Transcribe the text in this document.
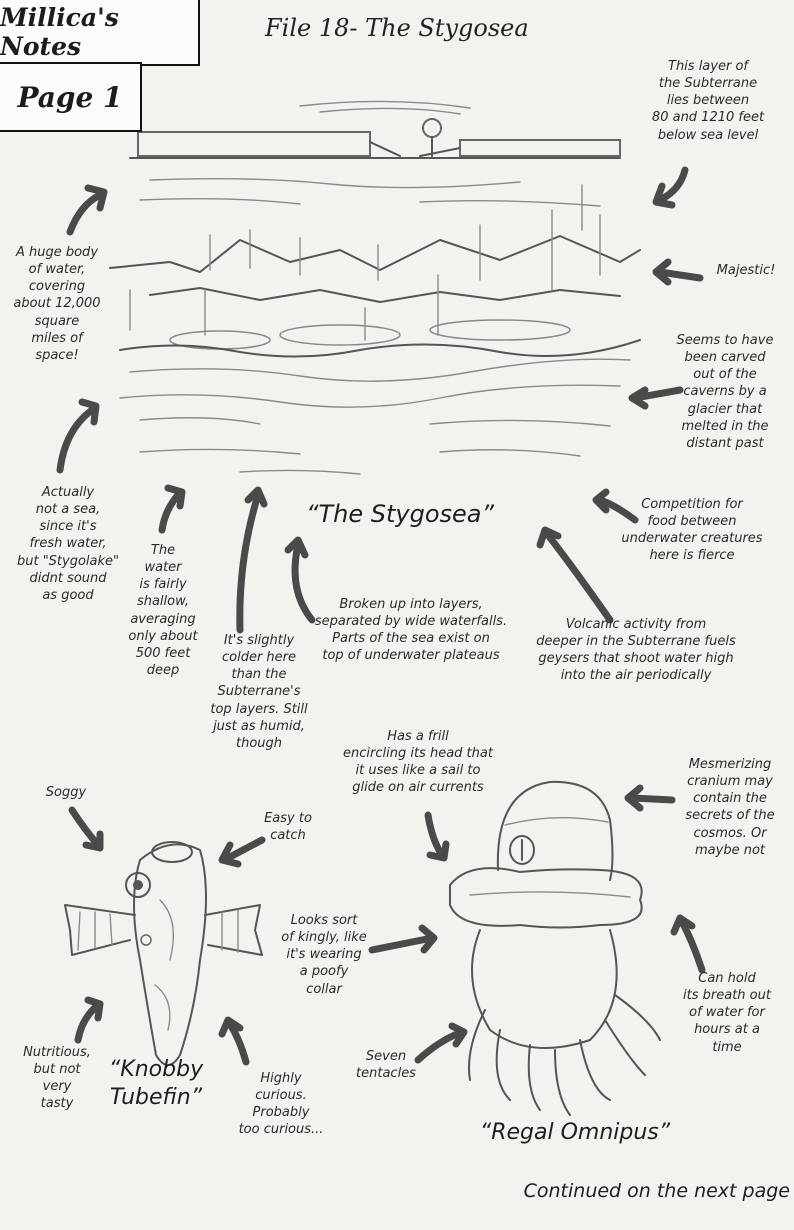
Millica's Notes
Page 1
File 18- The Stygosea
“The Stygosea”
This layer of
the Subterrane
lies between
80 and 1210 feet
below sea level
A huge body
of water,
covering
about 12,000
square
miles of
space!
Majestic!
Seems to have
been carved
out of the
caverns by a
glacier that
melted in the
distant past
Actually
not a sea,
since it's
fresh water,
but "Stygolake"
didnt sound
as good
The
water
is fairly
shallow,
averaging
only about
500 feet
deep
It's slightly
colder here
than the
Subterrane's
top layers. Still
just as humid,
though
Broken up into layers,
separated by wide waterfalls.
Parts of the sea exist on
top of underwater plateaus
Volcanic activity from
deeper in the Subterrane fuels
geysers that shoot water high
into the air periodically
Competition for
food between
underwater creatures
here is fierce
Soggy
Easy to
catch
Nutritious,
but not
very
tasty
Highly
curious.
Probably
too curious...
“Knobby
Tubefin”
Has a frill
encircling its head that
it uses like a sail to
glide on air currents
Mesmerizing
cranium may
contain the
secrets of the
cosmos. Or
maybe not
Looks sort
of kingly, like
it's wearing
a poofy
collar
Can hold
its breath out
of water for
hours at a
time
Seven
tentacles
“Regal Omnipus”
Continued on the next page
